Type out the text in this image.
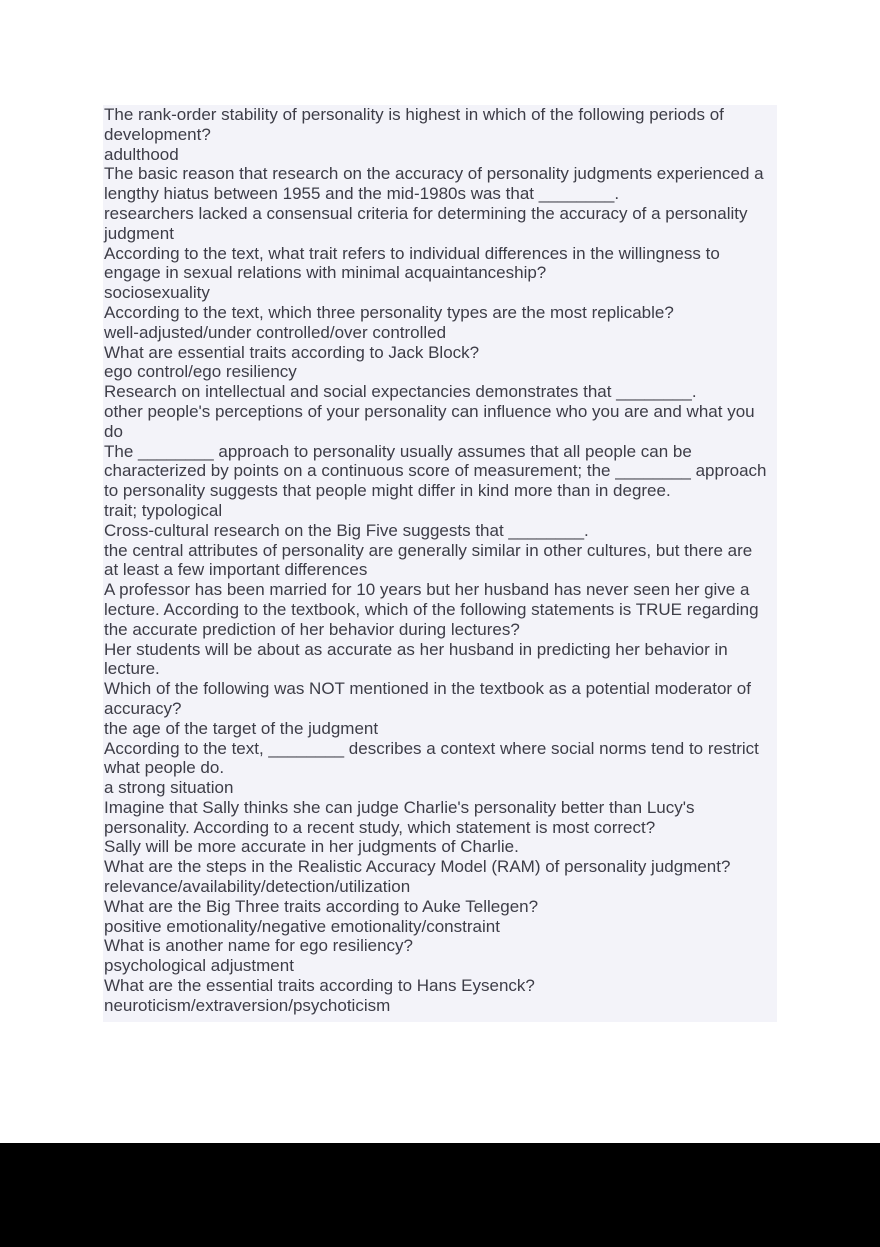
The rank-order stability of personality is highest in which of the following periods of
development?

adulthood

The basic reason that research on the accuracy of personality judgments experienced a
lengthy hiatus between 1955 and the mid-1980s was that ________.

researchers lacked a consensual criteria for determining the accuracy of a personality
judgment

According to the text, what trait refers to individual differences in the willingness to
engage in sexual relations with minimal acquaintanceship?

sociosexuality

According to the text, which three personality types are the most replicable?

well-adjusted/under controlled/over controlled

What are essential traits according to Jack Block?

ego control/ego resiliency

Research on intellectual and social expectancies demonstrates that ________.

other people's perceptions of your personality can influence who you are and what you
do

The ________ approach to personality usually assumes that all people can be
characterized by points on a continuous score of measurement; the ________ approach
to personality suggests that people might differ in kind more than in degree.

trait; typological

Cross-cultural research on the Big Five suggests that ________.

the central attributes of personality are generally similar in other cultures, but there are
at least a few important differences

A professor has been married for 10 years but her husband has never seen her give a
lecture. According to the textbook, which of the following statements is TRUE regarding
the accurate prediction of her behavior during lectures?

Her students will be about as accurate as her husband in predicting her behavior in
lecture.

Which of the following was NOT mentioned in the textbook as a potential moderator of
accuracy?

the age of the target of the judgment

According to the text, ________ describes a context where social norms tend to restrict
what people do.

a strong situation

Imagine that Sally thinks she can judge Charlie's personality better than Lucy's
personality. According to a recent study, which statement is most correct?

Sally will be more accurate in her judgments of Charlie.

What are the steps in the Realistic Accuracy Model (RAM) of personality judgment?

relevance/availability/detection/utilization

What are the Big Three traits according to Auke Tellegen?

positive emotionality/negative emotionality/constraint

What is another name for ego resiliency?

psychological adjustment

What are the essential traits according to Hans Eysenck?

neuroticism/extraversion/psychoticism
